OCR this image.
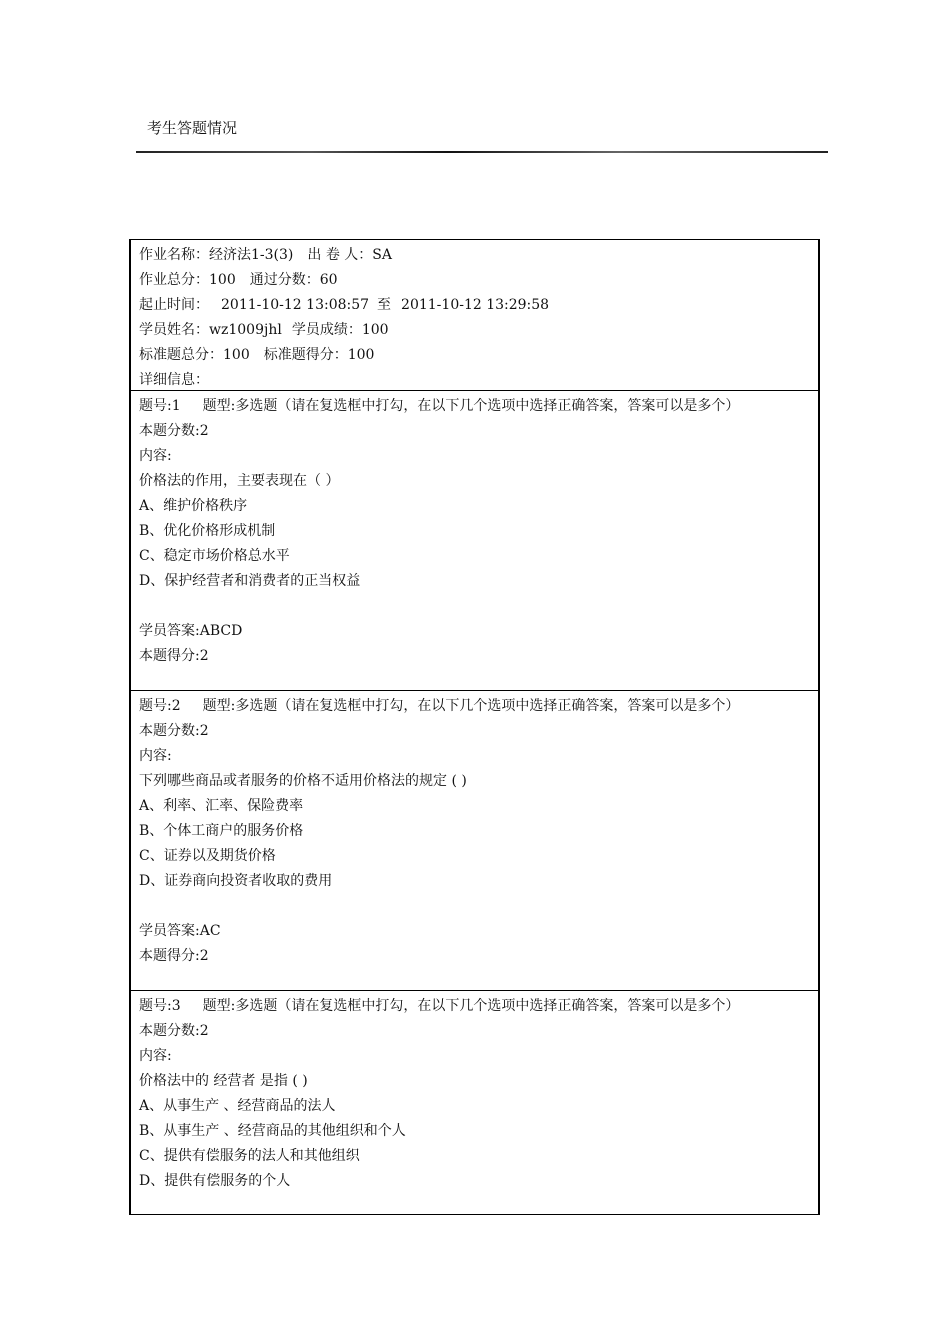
考生答题情况
作业名称：经济法1-3(3) 出 卷 人：SA
作业总分：100 通过分数：60
起止时间： 2011-10-12 13:08:57 至 2011-10-12 13:29:58
学员姓名：wz1009jhl 学员成绩：100
标准题总分：100 标准题得分：100
详细信息：
题号:1 题型:多选题（请在复选框中打勾，在以下几个选项中选择正确答案，答案可以是多个）
本题分数:2
内容:
价格法的作用，主要表现在（ ）
A、维护价格秩序
B、优化价格形成机制
C、稳定市场价格总水平
D、保护经营者和消费者的正当权益
学员答案:ABCD
本题得分:2
题号:2 题型:多选题（请在复选框中打勾，在以下几个选项中选择正确答案，答案可以是多个）
本题分数:2
内容:
下列哪些商品或者服务的价格不适用价格法的规定 ( )
A、利率、汇率、保险费率
B、个体工商户的服务价格
C、证券以及期货价格
D、证券商向投资者收取的费用
学员答案:AC
本题得分:2
题号:3 题型:多选题（请在复选框中打勾，在以下几个选项中选择正确答案，答案可以是多个）
本题分数:2
内容:
价格法中的 经营者 是指 ( )
A、从事生产 、经营商品的法人
B、从事生产 、经营商品的其他组织和个人
C、提供有偿服务的法人和其他组织
D、提供有偿服务的个人
